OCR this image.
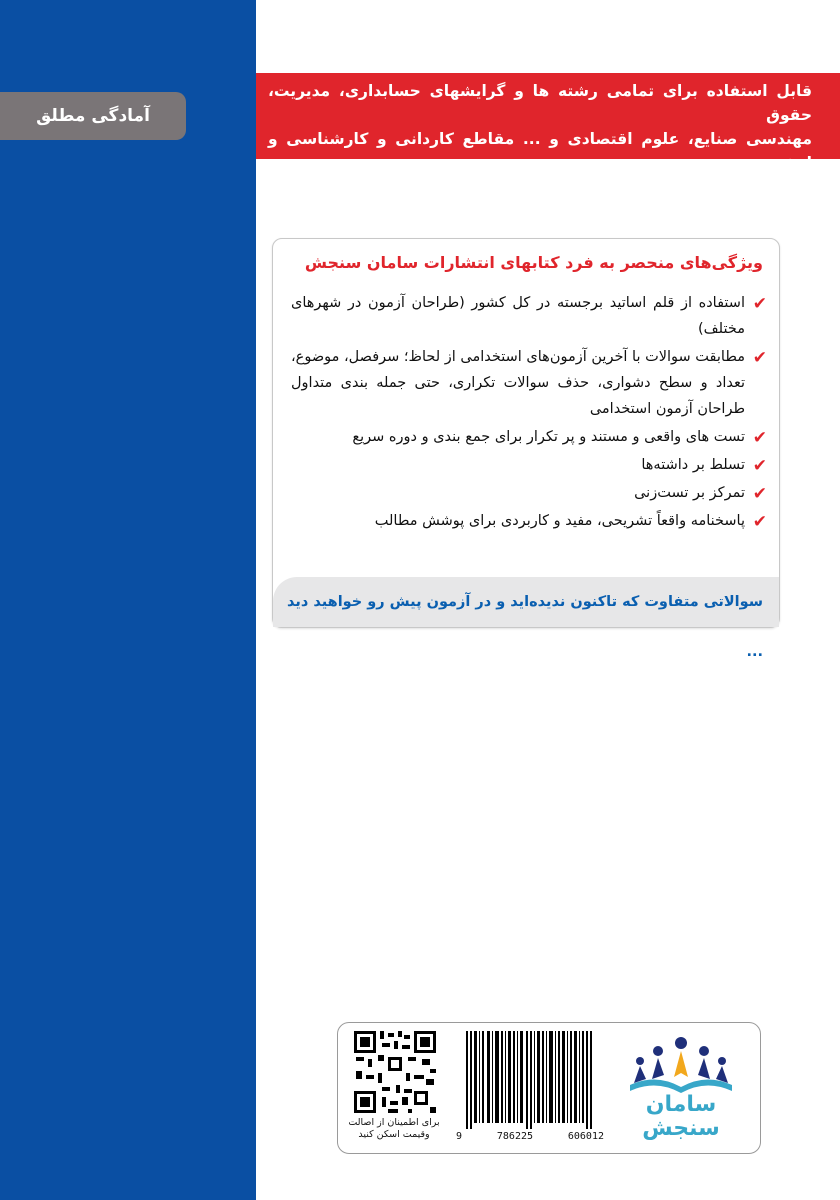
آمادگی مطلق
قابل استفاده برای تمامی رشته ها و گرایشهای حسابداری، مدیریت، حقوق
مهندسی صنایع، علوم اقتصادی و ... مقاطع کاردانی و کارشناسی و ارشد
(آمادگی مطلق)
ویژگی‌های منحصر به فرد کتابهای انتشارات سامان سنجش
✔
استفاده از قلم اساتید برجسته در کل کشور (طراحان آزمون در شهرهای مختلف)
✔
مطابقت سوالات با آخرین آزمون‌های استخدامی از لحاظ؛ سرفصل، موضوع، تعداد و سطح دشواری، حذف سوالات تکراری، حتی جمله بندی متداول طراحان آزمون استخدامی
✔
تست های واقعی و مستند و پر تکرار برای جمع بندی و دوره سریع
✔
تسلط بر داشته‌ها
✔
تمرکز بر تست‌زنی
✔
پاسخنامه واقعاً تشریحی، مفید و کاربردی برای پوشش مطالب
سوالاتی متفاوت که تاکنون ندیده‌اید و در آزمون پیش رو خواهید دید ...
برای اطمینان از اصالت
وقیمت اسکن کنید	9	786225	606012
سامان سنجش
